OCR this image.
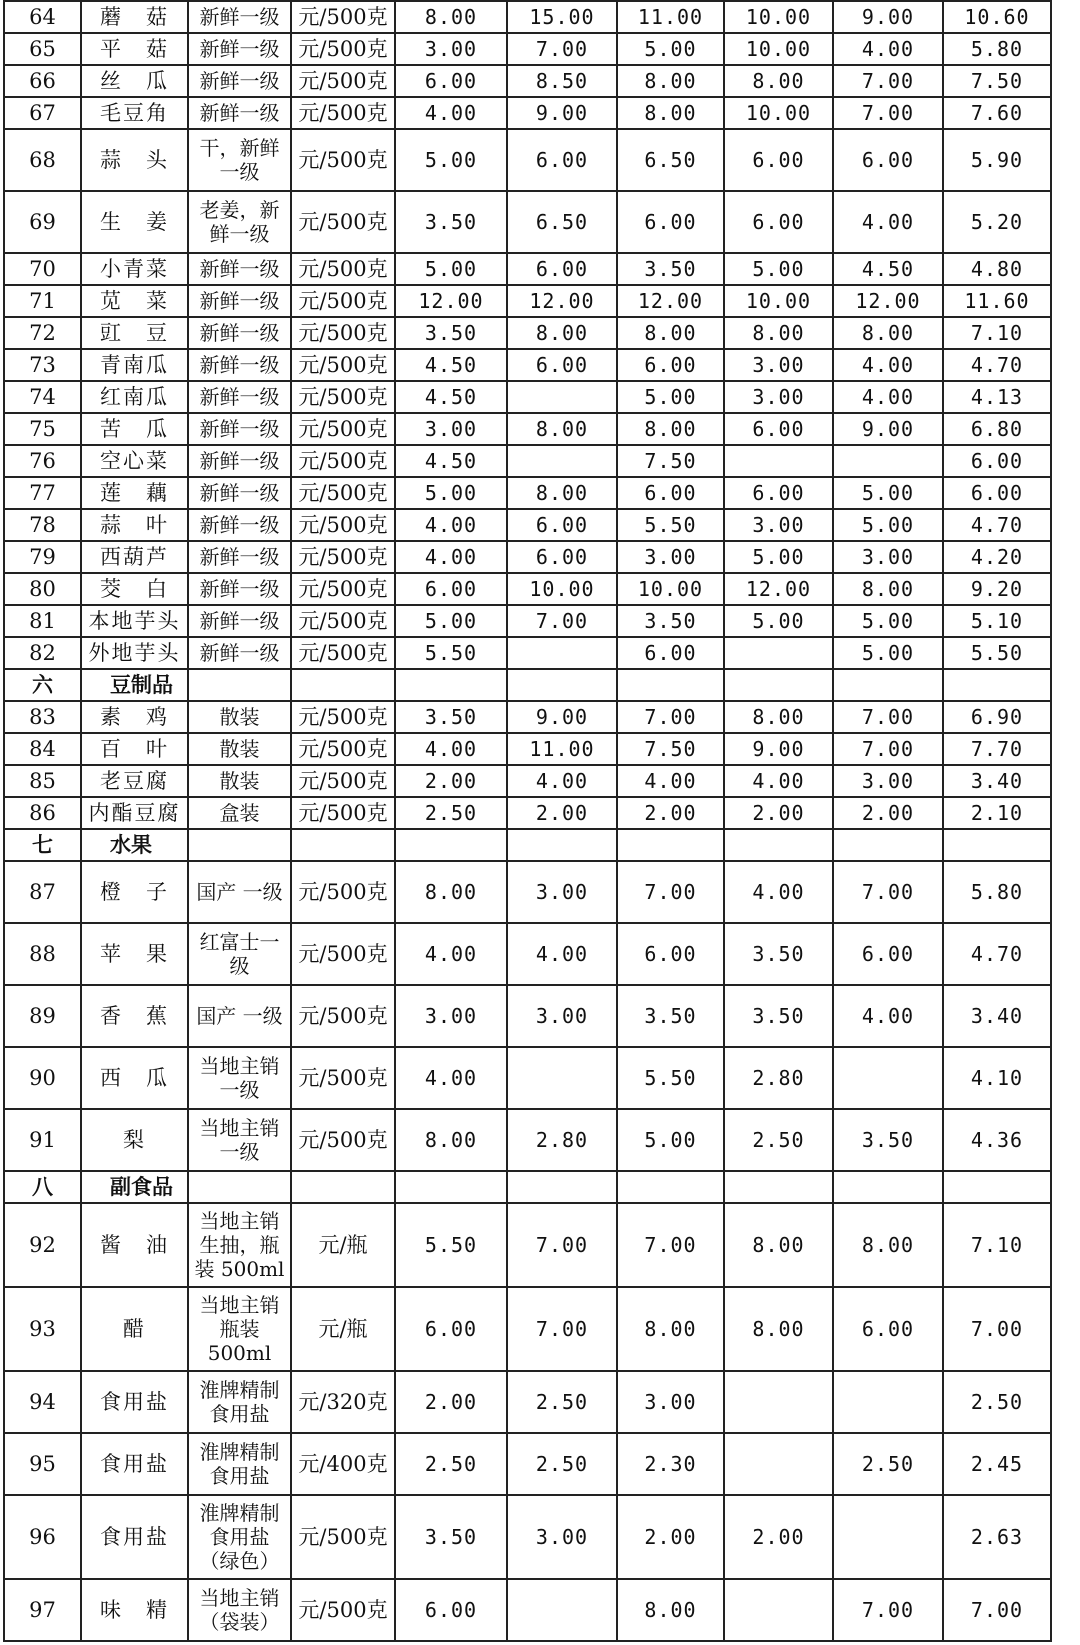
64	蘑　菇	新鲜一级	元/500克	8.00	15.00	11.00	10.00	9.00	10.60
65	平　菇	新鲜一级	元/500克	3.00	7.00	5.00	10.00	4.00	5.80
66	丝　瓜	新鲜一级	元/500克	6.00	8.50	8.00	8.00	7.00	7.50
67	毛豆角	新鲜一级	元/500克	4.00	9.00	8.00	10.00	7.00	7.60
68	蒜　头	干，新鲜一级	元/500克	5.00	6.00	6.50	6.00	6.00	5.90
69	生　姜	老姜，新鲜一级	元/500克	3.50	6.50	6.00	6.00	4.00	5.20
70	小青菜	新鲜一级	元/500克	5.00	6.00	3.50	5.00	4.50	4.80
71	苋　菜	新鲜一级	元/500克	12.00	12.00	12.00	10.00	12.00	11.60
72	豇　豆	新鲜一级	元/500克	3.50	8.00	8.00	8.00	8.00	7.10
73	青南瓜	新鲜一级	元/500克	4.50	6.00	6.00	3.00	4.00	4.70
74	红南瓜	新鲜一级	元/500克	4.50		5.00	3.00	4.00	4.13
75	苦　瓜	新鲜一级	元/500克	3.00	8.00	8.00	6.00	9.00	6.80
76	空心菜	新鲜一级	元/500克	4.50		7.50			6.00
77	莲　藕	新鲜一级	元/500克	5.00	8.00	6.00	6.00	5.00	6.00
78	蒜　叶	新鲜一级	元/500克	4.00	6.00	5.50	3.00	5.00	4.70
79	西葫芦	新鲜一级	元/500克	4.00	6.00	3.00	5.00	3.00	4.20
80	茭　白	新鲜一级	元/500克	6.00	10.00	10.00	12.00	8.00	9.20
81	本地芋头	新鲜一级	元/500克	5.00	7.00	3.50	5.00	5.00	5.10
82	外地芋头	新鲜一级	元/500克	5.50		6.00		5.00	5.50
六	豆制品								
83	素　鸡	散装	元/500克	3.50	9.00	7.00	8.00	7.00	6.90
84	百　叶	散装	元/500克	4.00	11.00	7.50	9.00	7.00	7.70
85	老豆腐	散装	元/500克	2.00	4.00	4.00	4.00	3.00	3.40
86	内酯豆腐	盒装	元/500克	2.50	2.00	2.00	2.00	2.00	2.10
七	水果								
87	橙　子	国产 一级	元/500克	8.00	3.00	7.00	4.00	7.00	5.80
88	苹　果	红富士一级	元/500克	4.00	4.00	6.00	3.50	6.00	4.70
89	香　蕉	国产 一级	元/500克	3.00	3.00	3.50	3.50	4.00	3.40
90	西　瓜	当地主销一级	元/500克	4.00		5.50	2.80		4.10
91	梨	当地主销一级	元/500克	8.00	2.80	5.00	2.50	3.50	4.36
八	副食品								
92	酱　油	当地主销生抽，瓶装 500ml	元/瓶	5.50	7.00	7.00	8.00	8.00	7.10
93	醋	当地主销瓶装 500ml	元/瓶	6.00	7.00	8.00	8.00	6.00	7.00
94	食用盐	淮牌精制食用盐	元/320克	2.00	2.50	3.00			2.50
95	食用盐	淮牌精制食用盐	元/400克	2.50	2.50	2.30		2.50	2.45
96	食用盐	淮牌精制食用盐（绿色）	元/500克	3.50	3.00	2.00	2.00		2.63
97	味　精	当地主销（袋装）	元/500克	6.00		8.00		7.00	7.00
